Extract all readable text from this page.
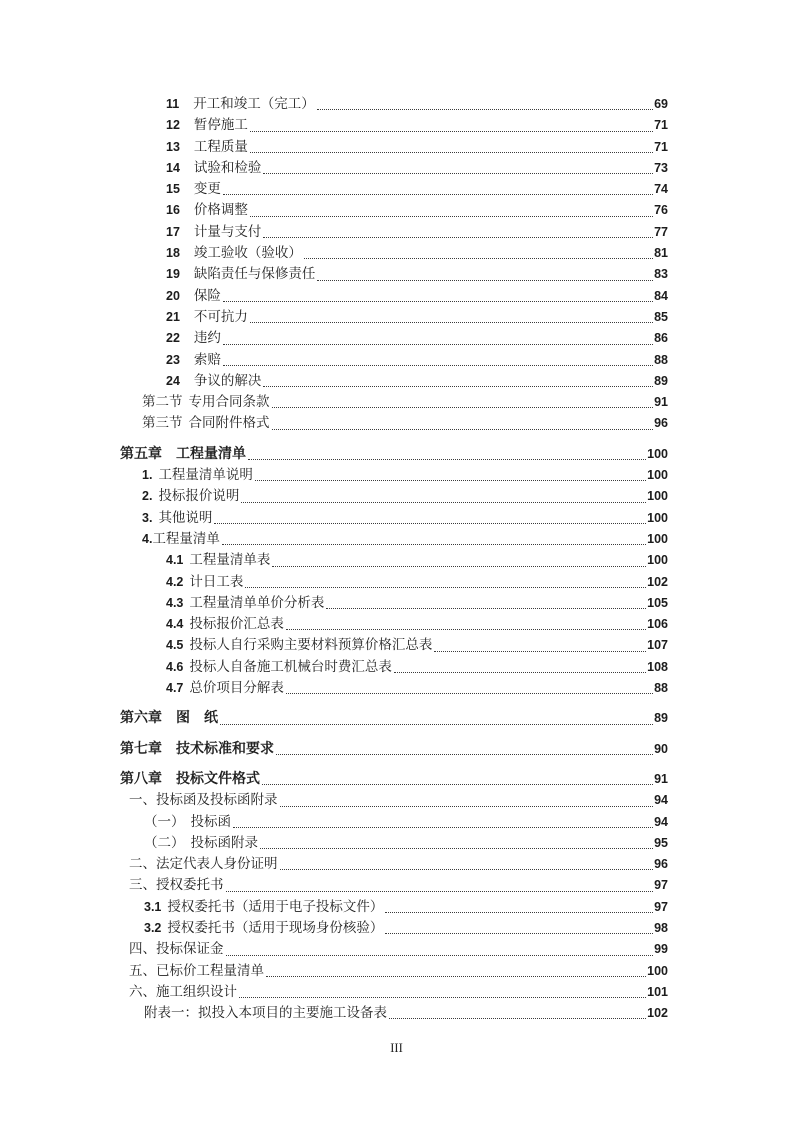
11 开工和竣工（完工）	69
12 暂停施工	71
13 工程质量	71
14 试验和检验	73
15 变更	74
16 价格调整	76
17 计量与支付	77
18 竣工验收（验收）	81
19 缺陷责任与保修责任	83
20 保险	84
21 不可抗力	85
22 违约	86
23 索赔	88
24 争议的解决	89
第二节 专用合同条款	91
第三节 合同附件格式	96
第五章 工程量清单	100
1. 工程量清单说明	100
2. 投标报价说明	100
3. 其他说明	100
4. 工程量清单	100
4.1 工程量清单表	100
4.2 计日工表	102
4.3 工程量清单单价分析表	105
4.4 投标报价汇总表	106
4.5 投标人自行采购主要材料预算价格汇总表	107
4.6 投标人自备施工机械台时费汇总表	108
4.7 总价项目分解表	88
第六章 图　纸	89
第七章 技术标准和要求	90
第八章 投标文件格式	91
一、 投标函及投标函附录	94
（一） 投标函	94
（二） 投标函附录	95
二、 法定代表人身份证明	96
三、 授权委托书	97
3.1 授权委托书（适用于电子投标文件）	97
3.2 授权委托书（适用于现场身份核验）	98
四、 投标保证金	99
五、 已标价工程量清单	100
六、 施工组织设计	101
附表一： 拟投入本项目的主要施工设备表	102
III
